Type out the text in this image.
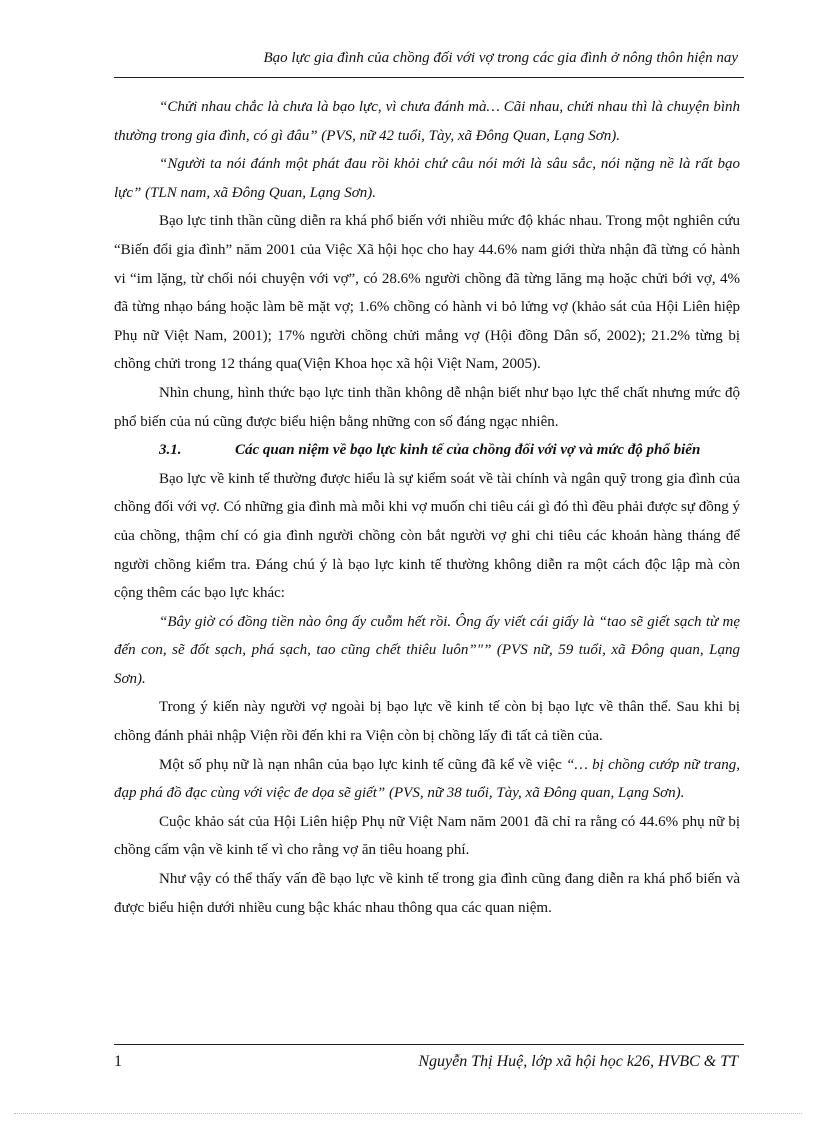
Bạo lực gia đình của chồng đối với vợ trong các gia đình ở nông thôn hiện nay

“Chửi nhau chắc là chưa là bạo lực, vì chưa đánh mà… Cãi nhau, chửi nhau thì là chuyện bình thường trong gia đình, có gì đâu” (PVS, nữ 42 tuổi, Tày, xã Đông Quan, Lạng Sơn).

“Người ta nói đánh một phát đau rồi khỏi chứ câu nói mới là sâu sắc, nói nặng nề là rất bạo lực” (TLN nam, xã Đông Quan, Lạng Sơn).

Bạo lực tinh thần cũng diễn ra khá phổ biến với nhiều mức độ khác nhau. Trong một nghiên cứu “Biến đổi gia đình” năm 2001 của Việc Xã hội học cho hay 44.6% nam giới thừa nhận đã từng có hành vi “im lặng, từ chối nói chuyện với vợ”, có 28.6% người chồng đã từng lăng mạ hoặc chửi bới vợ, 4% đã từng nhạo báng hoặc làm bẽ mặt vợ; 1.6% chồng có hành vi bỏ lửng vợ (khảo sát của Hội Liên hiệp Phụ nữ Việt Nam, 2001); 17% người chồng chửi mắng vợ (Hội đồng Dân số, 2002); 21.2% từng bị chồng chửi trong 12 tháng qua(Viện Khoa học xã hội Việt Nam, 2005).

Nhìn chung, hình thức bạo lực tinh thần không dễ nhận biết như bạo lực thể chất nhưng mức độ phổ biến của nú cũng được biểu hiện bằng những con số đáng ngạc nhiên.

3.1.	Các quan niệm về bạo lực kinh tế của chồng đối với vợ và mức độ phổ biến

Bạo lực về kinh tế thường được hiểu là sự kiểm soát về tài chính và ngân quỹ trong gia đình của chồng đối với vợ. Có những gia đình mà mỗi khi vợ muốn chi tiêu cái gì đó thì đều phải được sự đồng ý của chồng, thậm chí có gia đình người chồng còn bắt người vợ ghi chi tiêu các khoản hàng tháng để người chồng kiểm tra. Đáng chú ý là bạo lực kinh tế thường không diễn ra một cách độc lập mà còn cộng thêm các bạo lực khác:

“Bây giờ có đồng tiền nào ông ấy cuỗm hết rồi. Ông ấy viết cái giấy là “tao sẽ giết sạch từ mẹ đến con, sẽ đốt sạch, phá sạch, tao cũng chết thiêu luôn”"” (PVS nữ, 59 tuổi, xã Đông quan, Lạng Sơn).

Trong ý kiến này người vợ ngoài bị bạo lực về kinh tế còn bị bạo lực về thân thể. Sau khi bị chồng đánh phải nhập Viện rồi đến khi ra Viện còn bị chồng lấy đi tất cả tiền của.

Một số phụ nữ là nạn nhân của bạo lực kinh tế cũng đã kể về việc “… bị chồng cướp nữ trang, đạp phá đồ đạc cùng với việc đe dọa sẽ giết” (PVS, nữ 38 tuổi, Tày, xã Đông quan, Lạng Sơn).

Cuộc khảo sát của Hội Liên hiệp Phụ nữ Việt Nam năm 2001 đã chỉ ra rằng có 44.6% phụ nữ bị chồng cấm vận về kinh tế vì cho rằng vợ ăn tiêu hoang phí.

Như vậy có thể thấy vấn đề bạo lực về kinh tế trong gia đình cũng đang diễn ra khá phổ biến và được biểu hiện dưới nhiều cung bậc khác nhau thông qua các quan niệm.

1	Nguyễn Thị Huệ, lớp xã hội học k26, HVBC & TT
